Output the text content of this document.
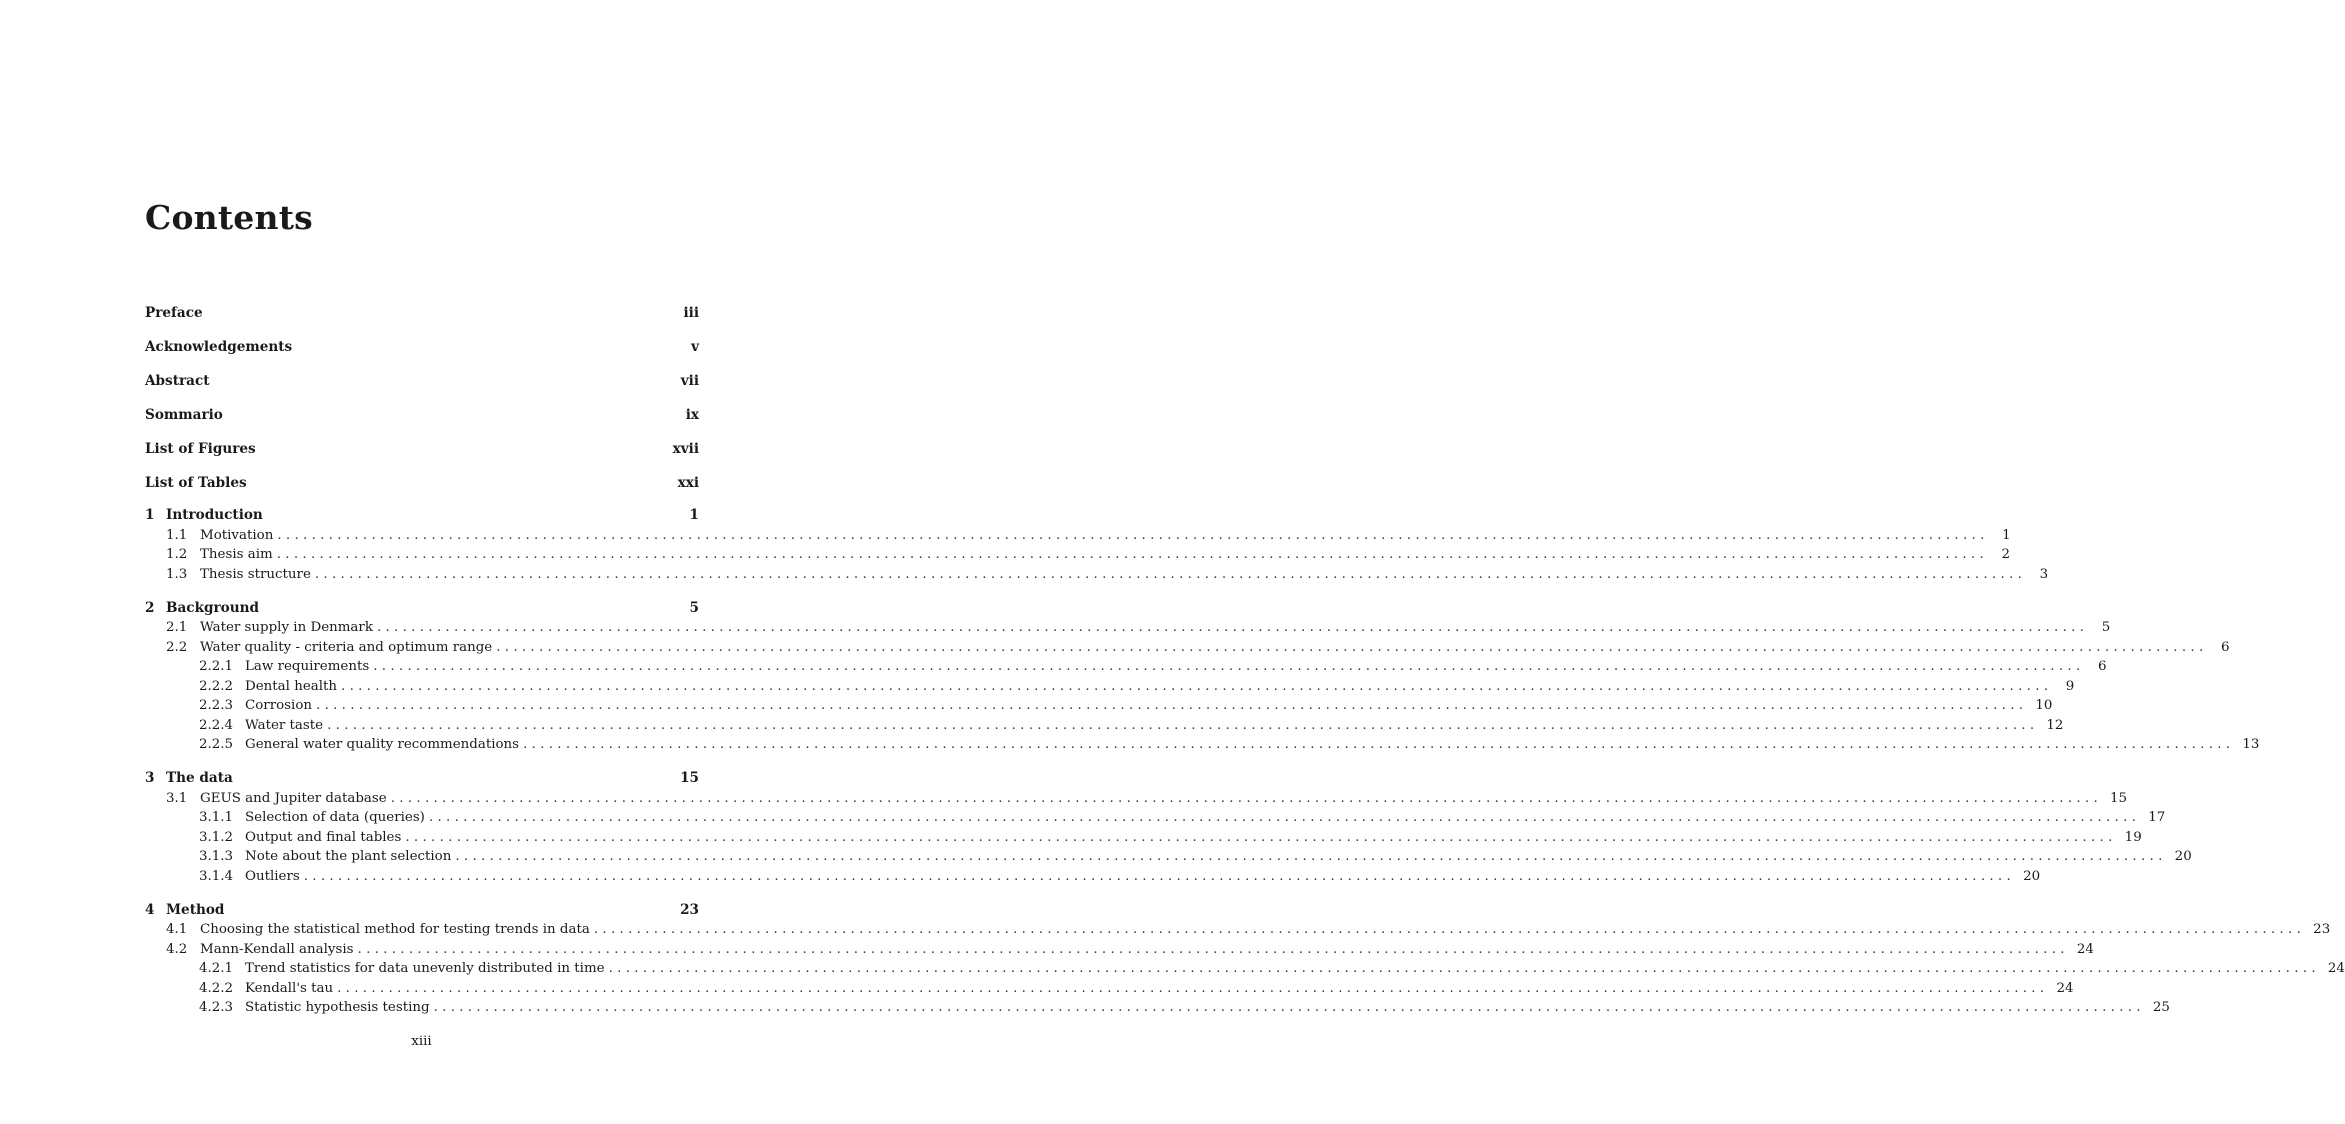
Contents
Preface	iii
Acknowledgements	v
Abstract	vii
Sommario	ix
List of Figures	xvii
List of Tables	xxi
1 Introduction	1
1.1 Motivation ........................................................................................................................................................................................................	1
1.2 Thesis aim ........................................................................................................................................................................................................	2
1.3 Thesis structure ........................................................................................................................................................................................................	3
2 Background	5
2.1 Water supply in Denmark ........................................................................................................................................................................................................	5
2.2 Water quality - criteria and optimum range ........................................................................................................................................................................................................	6
2.2.1 Law requirements ........................................................................................................................................................................................................	6
2.2.2 Dental health ........................................................................................................................................................................................................	9
2.2.3 Corrosion ........................................................................................................................................................................................................ 10
2.2.4 Water taste ........................................................................................................................................................................................................ 12
2.2.5 General water quality recommendations ........................................................................................................................................................................................................ 13
3 The data	15
3.1 GEUS and Jupiter database ........................................................................................................................................................................................................ 15
3.1.1 Selection of data (queries) ........................................................................................................................................................................................................ 17
3.1.2 Output and final tables ........................................................................................................................................................................................................ 19
3.1.3 Note about the plant selection ........................................................................................................................................................................................................ 20
3.1.4 Outliers ........................................................................................................................................................................................................ 20
4 Method	23
4.1 Choosing the statistical method for testing trends in data ........................................................................................................................................................................................................ 23
4.2 Mann-Kendall analysis ........................................................................................................................................................................................................ 24
4.2.1 Trend statistics for data unevenly distributed in time ........................................................................................................................................................................................................ 24
4.2.2 Kendall's tau ........................................................................................................................................................................................................ 24
4.2.3 Statistic hypothesis testing ........................................................................................................................................................................................................ 25
xiii
